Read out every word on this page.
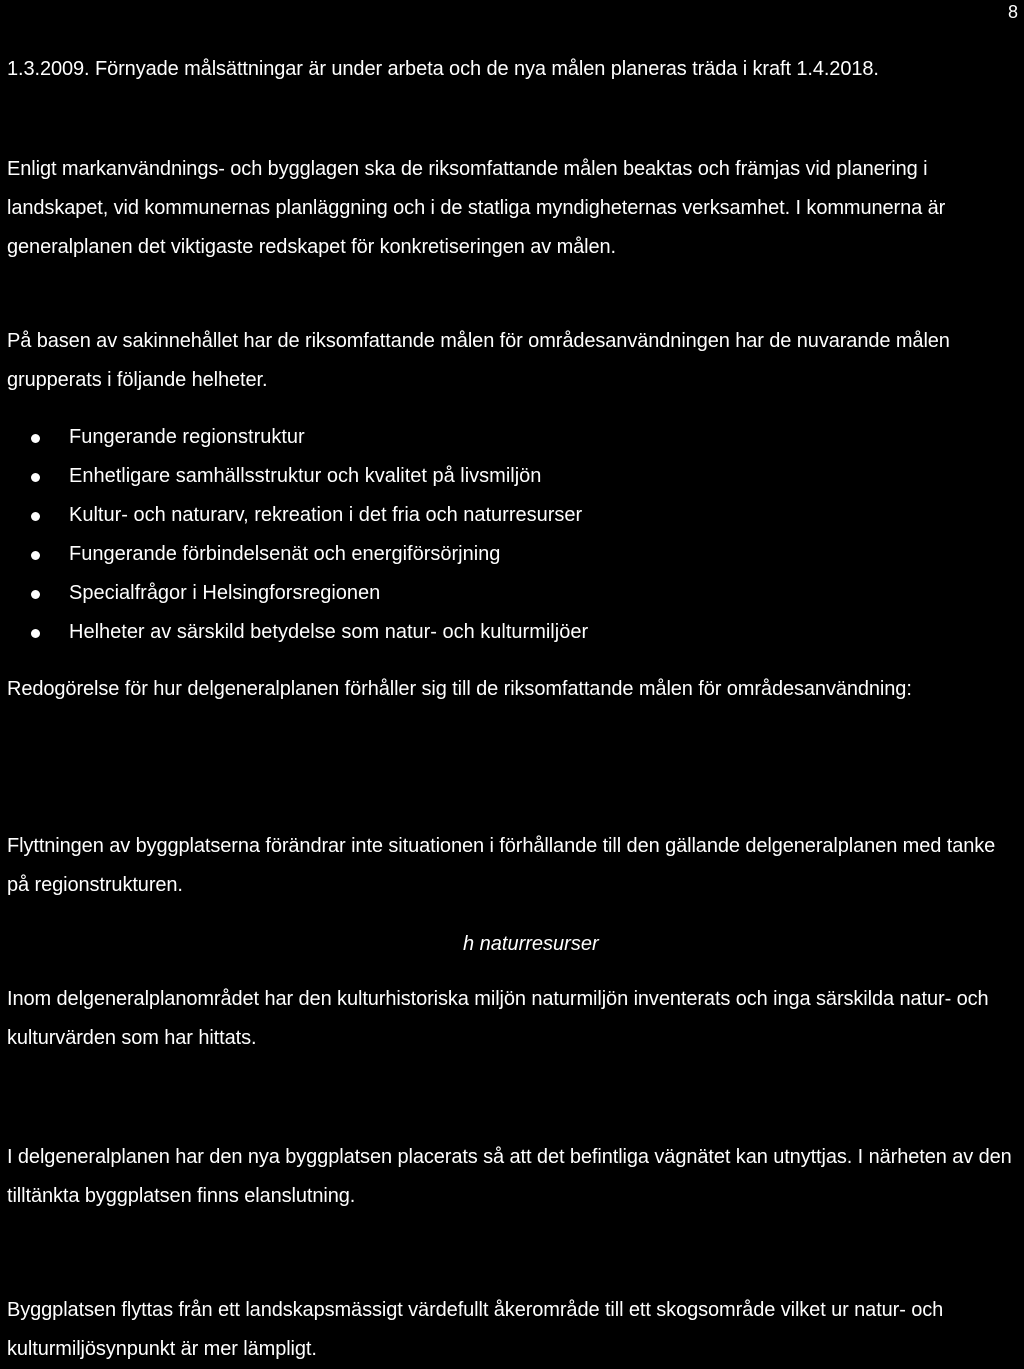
8

1.3.2009. Förnyade målsättningar är under arbeta och de nya målen planeras träda i kraft 1.4.2018.

Enligt markanvändnings- och bygglagen ska de riksomfattande målen beaktas och främjas vid planering i landskapet, vid kommunernas planläggning och i de statliga myndigheternas verksamhet. I kommunerna är generalplanen det viktigaste redskapet för konkretiseringen av målen.

På basen av sakinnehållet har de riksomfattande målen för områdesanvändningen har de nuvarande målen grupperats i följande helheter.

Fungerande regionstruktur
Enhetligare samhällsstruktur och kvalitet på livsmiljön
Kultur- och naturarv, rekreation i det fria och naturresurser
Fungerande förbindelsenät och energiförsörjning
Specialfrågor i Helsingforsregionen
Helheter av särskild betydelse som natur- och kulturmiljöer

Redogörelse för hur delgeneralplanen förhåller sig till de riksomfattande målen för områdesanvändning:

Flyttningen av byggplatserna förändrar inte situationen i förhållande till den gällande delgeneralplanen med tanke på regionstrukturen.

h naturresurser

Inom delgeneralplanområdet har den kulturhistoriska miljön naturmiljön inventerats och inga särskilda natur- och kulturvärden som har hittats.

I delgeneralplanen har den nya byggplatsen placerats så att det befintliga vägnätet kan utnyttjas. I närheten av den tilltänkta byggplatsen finns elanslutning.

Byggplatsen flyttas från ett landskapsmässigt värdefullt åkerområde till ett skogsområde vilket ur natur- och kulturmiljösynpunkt är mer lämpligt.
